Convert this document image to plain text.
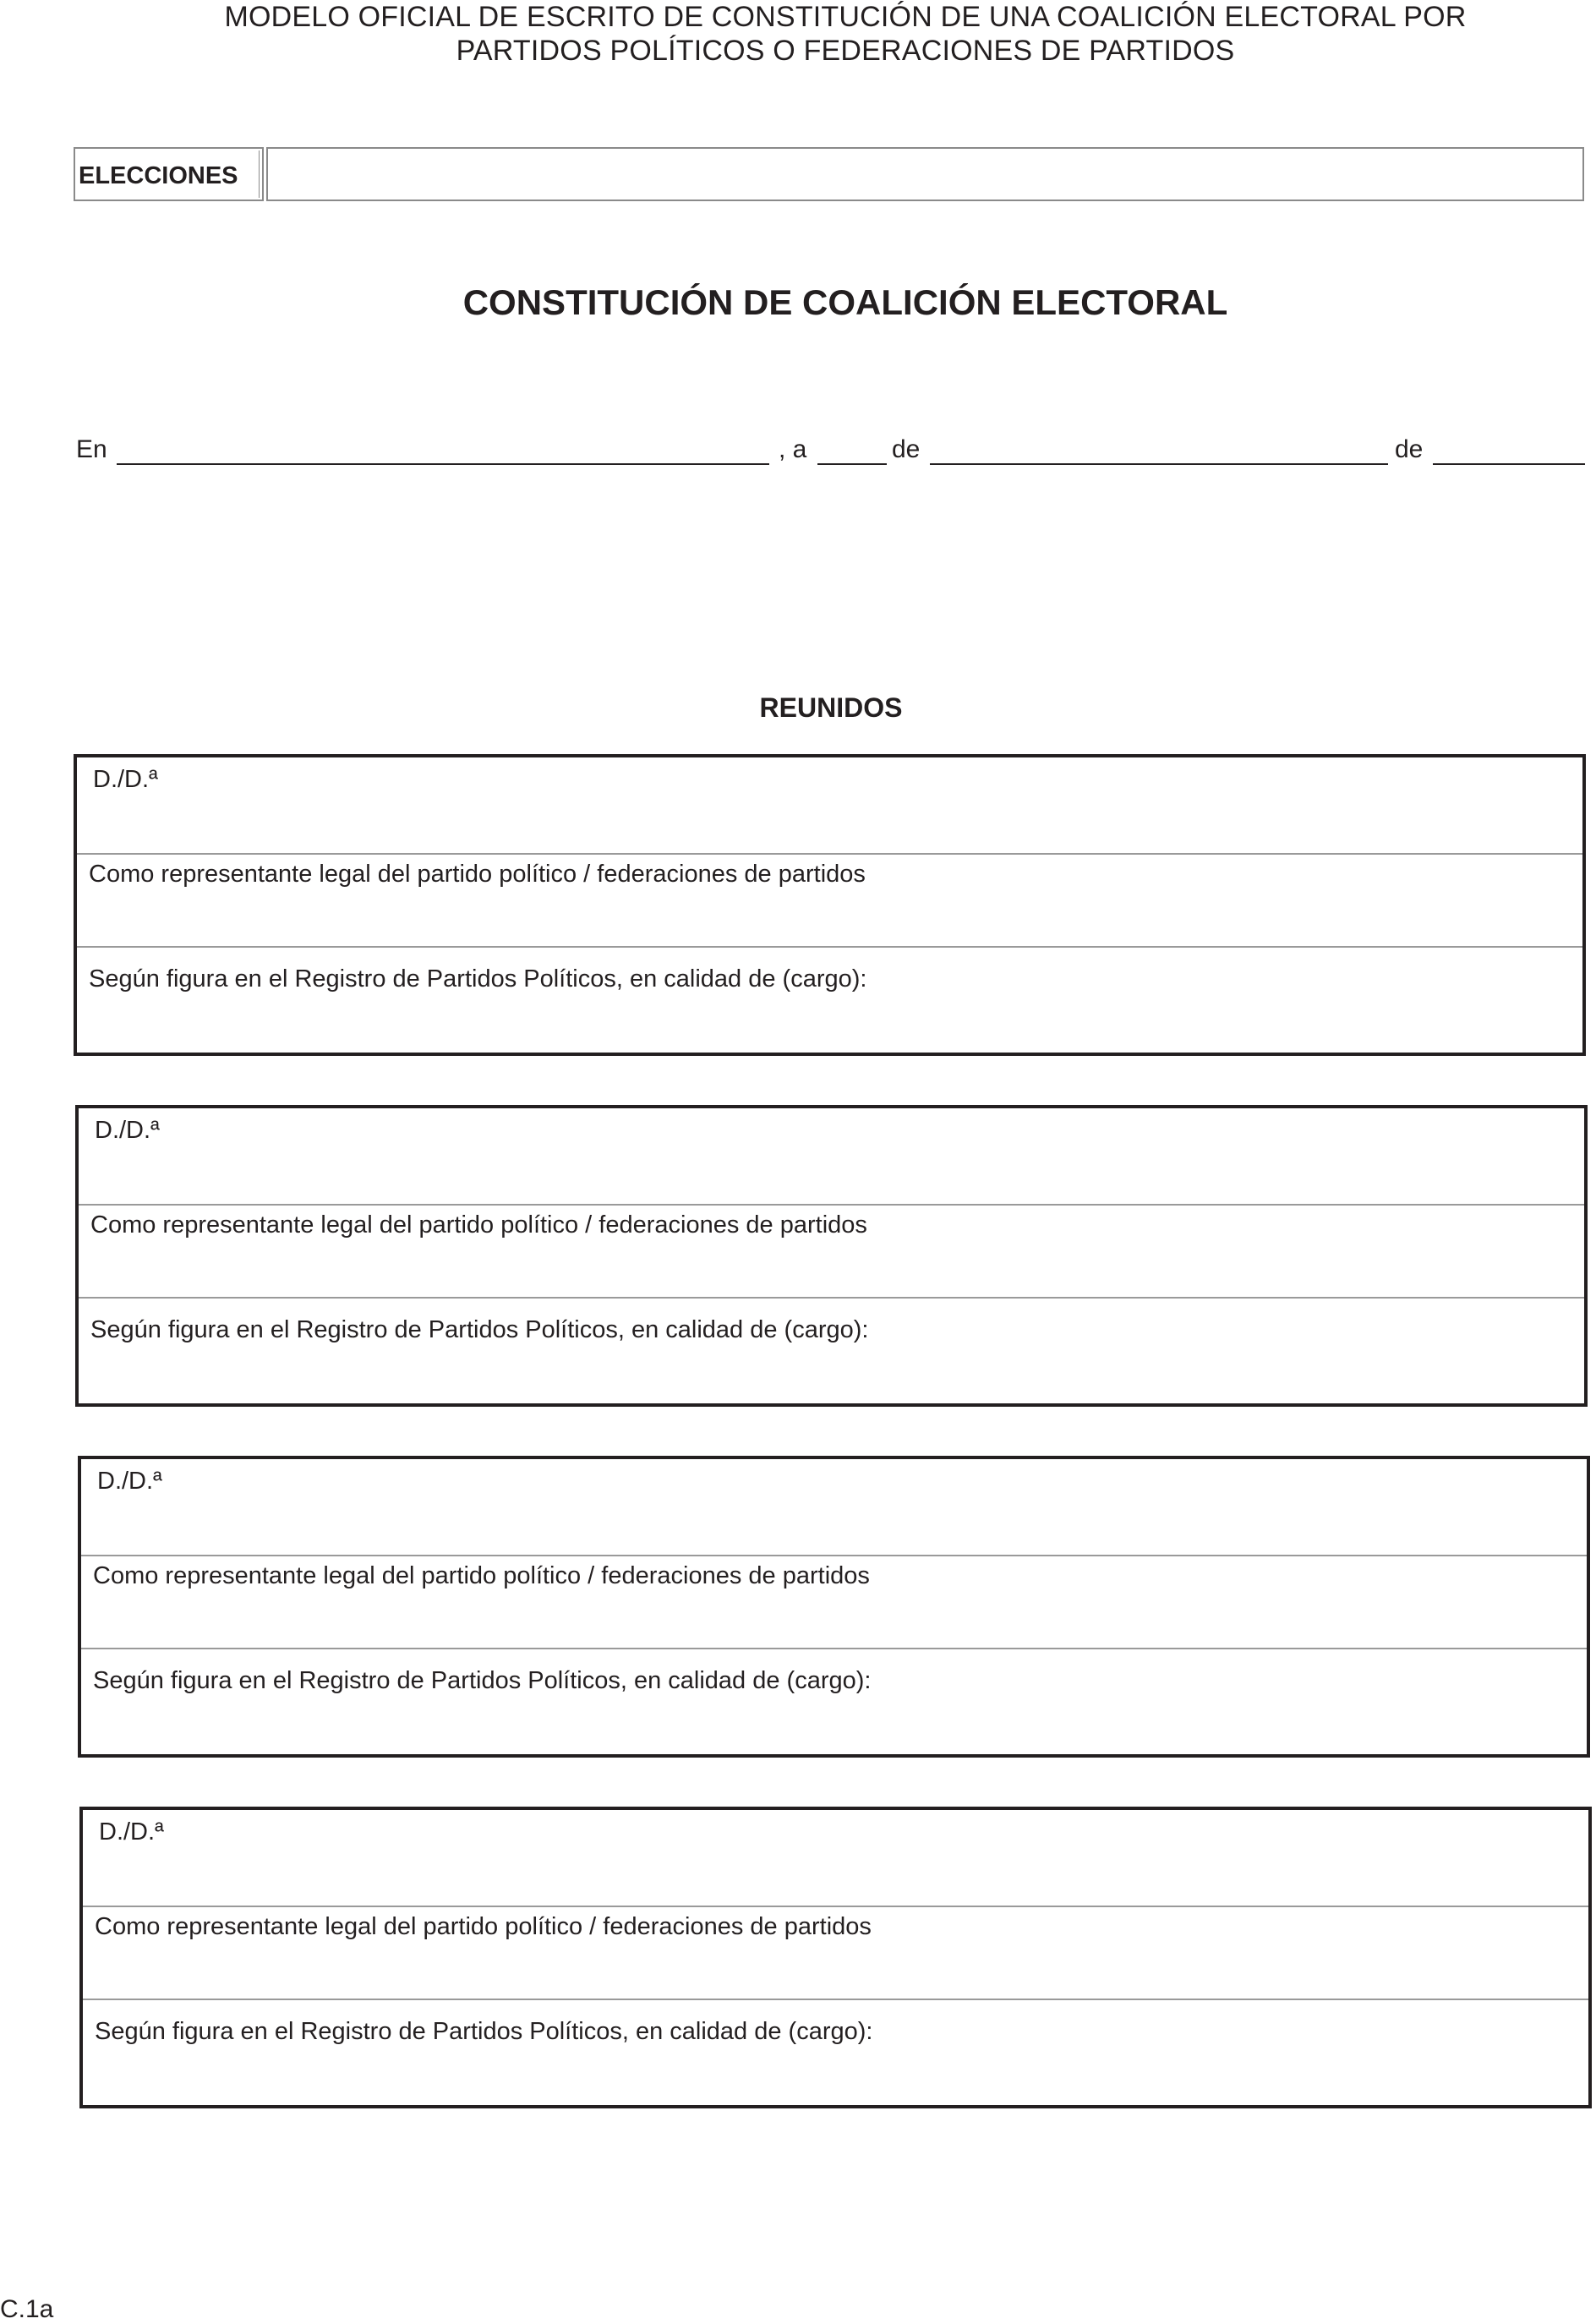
MODELO OFICIAL DE ESCRITO DE CONSTITUCIÓN DE UNA COALICIÓN ELECTORAL POR
PARTIDOS POLÍTICOS O FEDERACIONES DE PARTIDOS
ELECCIONES
CONSTITUCIÓN DE COALICIÓN ELECTORAL
En	, a	de	de
REUNIDOS
D./D.ª
Como representante legal del partido político / federaciones de partidos
Según figura en el Registro de Partidos Políticos, en calidad de (cargo):
D./D.ª
Como representante legal del partido político / federaciones de partidos
Según figura en el Registro de Partidos Políticos, en calidad de (cargo):
D./D.ª
Como representante legal del partido político / federaciones de partidos
Según figura en el Registro de Partidos Políticos, en calidad de (cargo):
D./D.ª
Como representante legal del partido político / federaciones de partidos
Según figura en el Registro de Partidos Políticos, en calidad de (cargo):
C.1a
